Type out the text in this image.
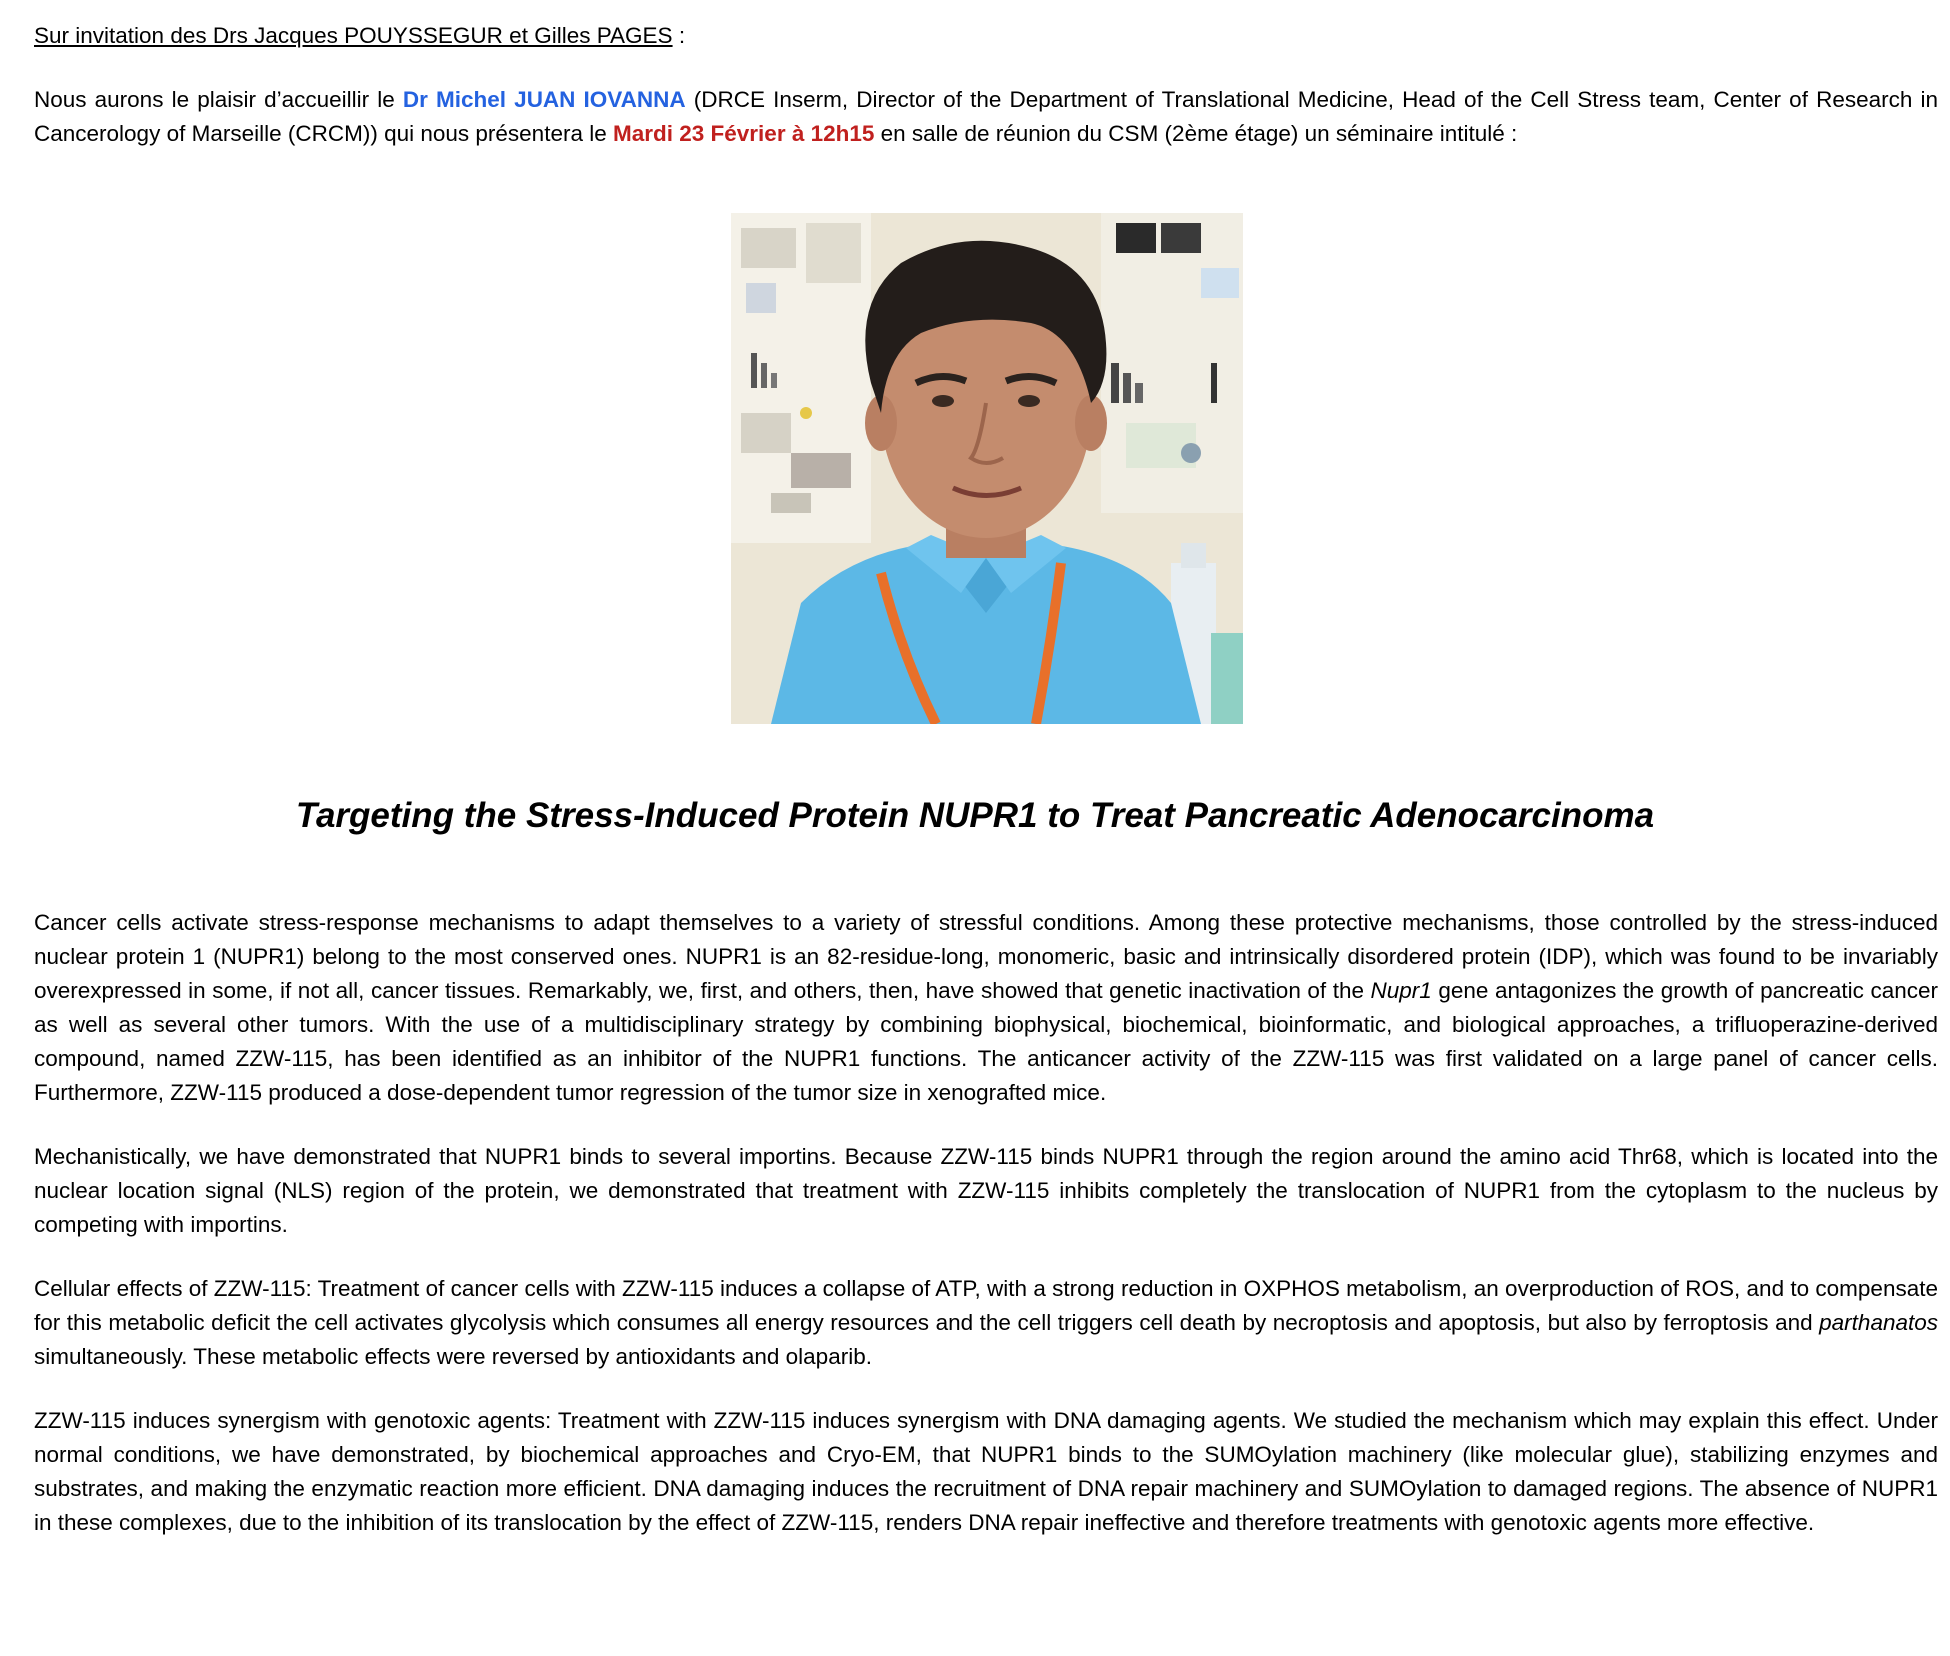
Sur invitation des Drs Jacques POUYSSEGUR et Gilles PAGES :
Nous aurons le plaisir d’accueillir le Dr Michel JUAN IOVANNA (DRCE Inserm, Director of the Department of Translational Medicine, Head of the Cell Stress team, Center of Research in Cancerology of Marseille (CRCM)) qui nous présentera le Mardi 23 Février à 12h15 en salle de réunion du CSM (2ème étage) un séminaire intitulé :
Targeting the Stress-Induced Protein NUPR1 to Treat Pancreatic Adenocarcinoma

Cancer cells activate stress-response mechanisms to adapt themselves to a variety of stressful conditions. Among these protective mechanisms, those controlled by the stress-induced nuclear protein 1 (NUPR1) belong to the most conserved ones. NUPR1 is an 82-residue-long, monomeric, basic and intrinsically disordered protein (IDP), which was found to be invariably overexpressed in some, if not all, cancer tissues. Remarkably, we, first, and others, then, have showed that genetic inactivation of the Nupr1 gene antagonizes the growth of pancreatic cancer as well as several other tumors. With the use of a multidisciplinary strategy by combining biophysical, biochemical, bioinformatic, and biological approaches, a trifluoperazine-derived compound, named ZZW-115, has been identified as an inhibitor of the NUPR1 functions. The anticancer activity of the ZZW-115 was first validated on a large panel of cancer cells. Furthermore, ZZW-115 produced a dose-dependent tumor regression of the tumor size in xenografted mice.

Mechanistically, we have demonstrated that NUPR1 binds to several importins. Because ZZW-115 binds NUPR1 through the region around the amino acid Thr68, which is located into the nuclear location signal (NLS) region of the protein, we demonstrated that treatment with ZZW-115 inhibits completely the translocation of NUPR1 from the cytoplasm to the nucleus by competing with importins.

Cellular effects of ZZW-115: Treatment of cancer cells with ZZW-115 induces a collapse of ATP, with a strong reduction in OXPHOS metabolism, an overproduction of ROS, and to compensate for this metabolic deficit the cell activates glycolysis which consumes all energy resources and the cell triggers cell death by necroptosis and apoptosis, but also by ferroptosis and parthanatos simultaneously. These metabolic effects were reversed by antioxidants and olaparib.

ZZW-115 induces synergism with genotoxic agents: Treatment with ZZW-115 induces synergism with DNA damaging agents. We studied the mechanism which may explain this effect. Under normal conditions, we have demonstrated, by biochemical approaches and Cryo-EM, that NUPR1 binds to the SUMOylation machinery (like molecular glue), stabilizing enzymes and substrates, and making the enzymatic reaction more efficient. DNA damaging induces the recruitment of DNA repair machinery and SUMOylation to damaged regions. The absence of NUPR1 in these complexes, due to the inhibition of its translocation by the effect of ZZW-115, renders DNA repair ineffective and therefore treatments with genotoxic agents more effective.
